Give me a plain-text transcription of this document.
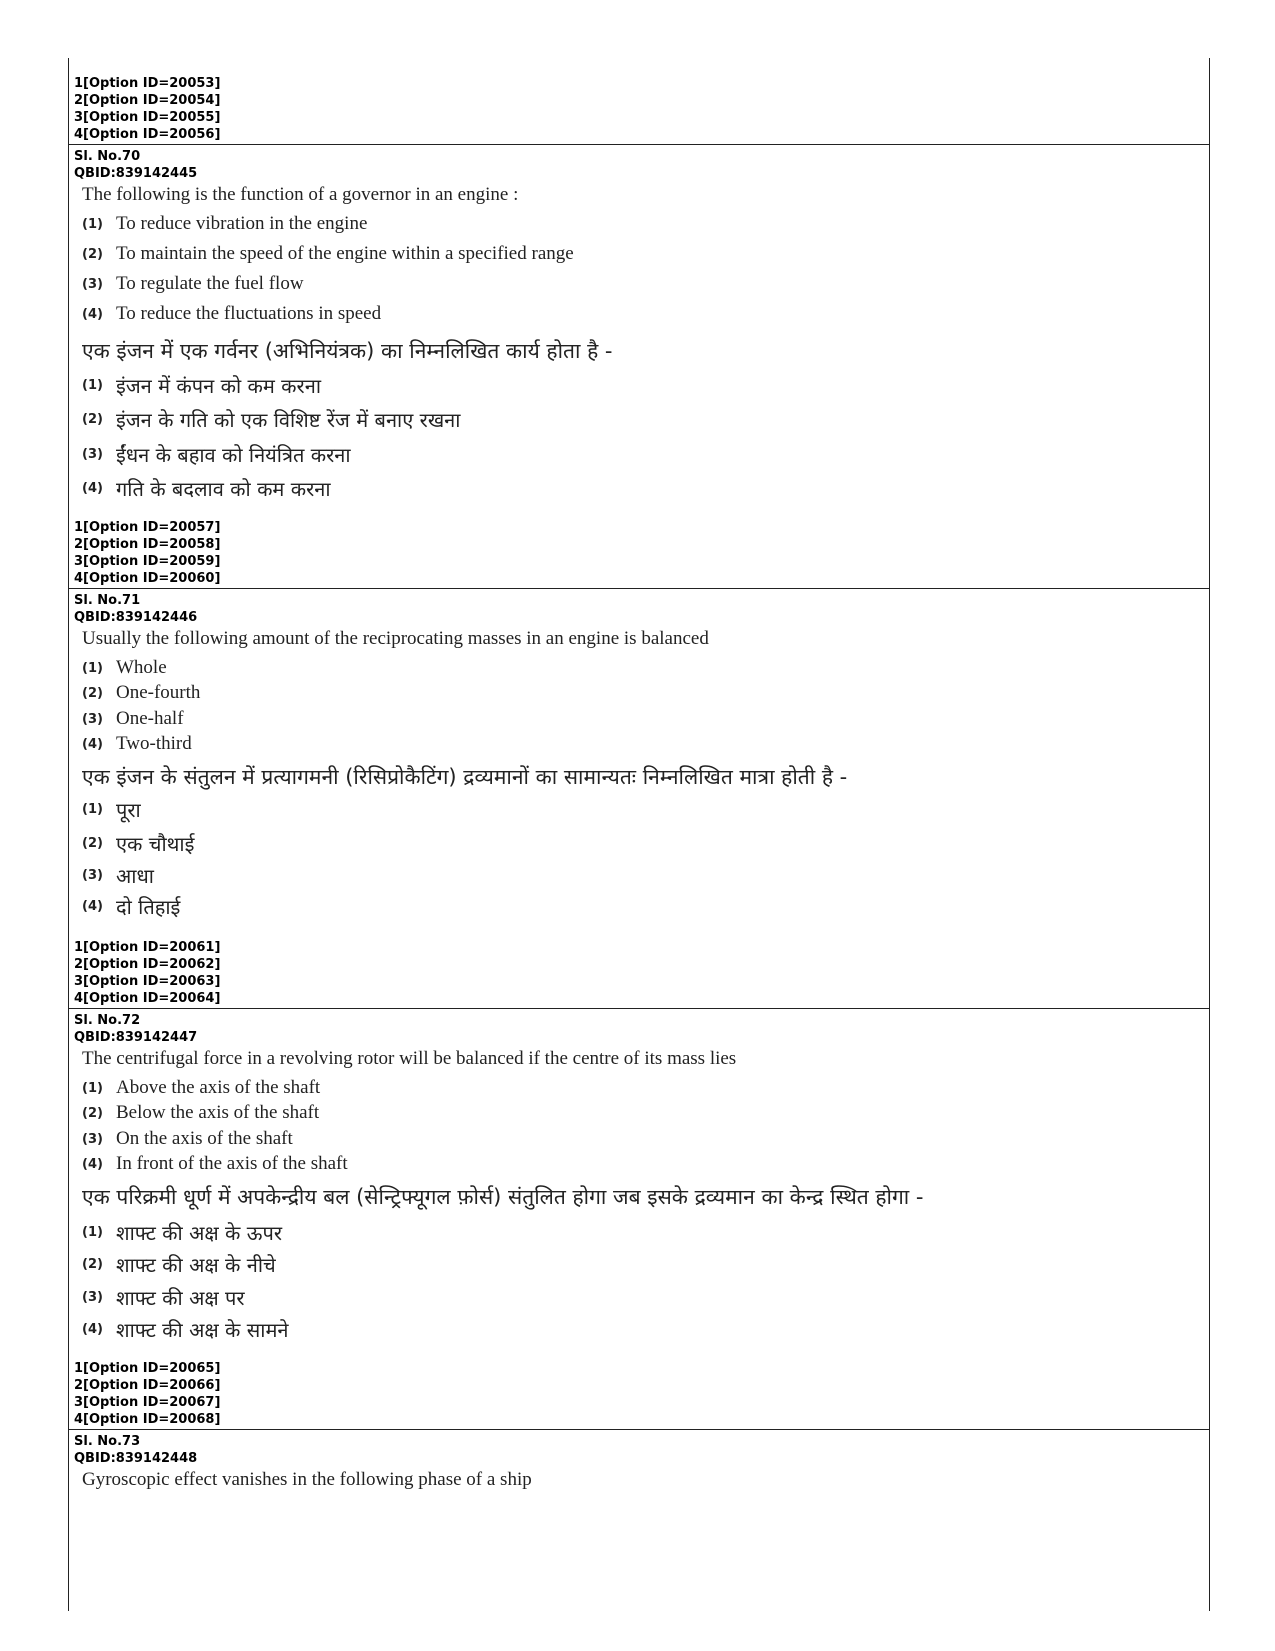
1[Option ID=20053]
2[Option ID=20054]
3[Option ID=20055]
4[Option ID=20056]
Sl. No.70
QBID:839142445
The following is the function of a governor in an engine :
(1) To reduce vibration in the engine
(2) To maintain the speed of the engine within a specified range
(3) To regulate the fuel flow
(4) To reduce the fluctuations in speed
एक इंजन में एक गर्वनर (अभिनियंत्रक) का निम्नलिखित कार्य होता है -
(1) इंजन में कंपन को कम करना
(2) इंजन के गति को एक विशिष्ट रेंज में बनाए रखना
(3) ईंधन के बहाव को नियंत्रित करना
(4) गति के बदलाव को कम करना
1[Option ID=20057]
2[Option ID=20058]
3[Option ID=20059]
4[Option ID=20060]
Sl. No.71
QBID:839142446
Usually the following amount of the reciprocating masses in an engine is balanced
(1) Whole
(2) One-fourth
(3) One-half
(4) Two-third
एक इंजन के संतुलन में प्रत्यागमनी (रिसिप्रोकैटिंग) द्रव्यमानों का सामान्यतः निम्नलिखित मात्रा होती है -
(1) पूरा
(2) एक चौथाई
(3) आधा
(4) दो तिहाई
1[Option ID=20061]
2[Option ID=20062]
3[Option ID=20063]
4[Option ID=20064]
Sl. No.72
QBID:839142447
The centrifugal force in a revolving rotor will be balanced if the centre of its mass lies
(1) Above the axis of the shaft
(2) Below the axis of the shaft
(3) On the axis of the shaft
(4) In front of the axis of the shaft
एक परिक्रमी धूर्ण में अपकेन्द्रीय बल (सेन्ट्रिफ्यूगल फ़ोर्स) संतुलित होगा जब इसके द्रव्यमान का केन्द्र स्थित होगा -
(1) शाफ्ट की अक्ष के ऊपर
(2) शाफ्ट की अक्ष के नीचे
(3) शाफ्ट की अक्ष पर
(4) शाफ्ट की अक्ष के सामने
1[Option ID=20065]
2[Option ID=20066]
3[Option ID=20067]
4[Option ID=20068]
Sl. No.73
QBID:839142448
Gyroscopic effect vanishes in the following phase of a ship
